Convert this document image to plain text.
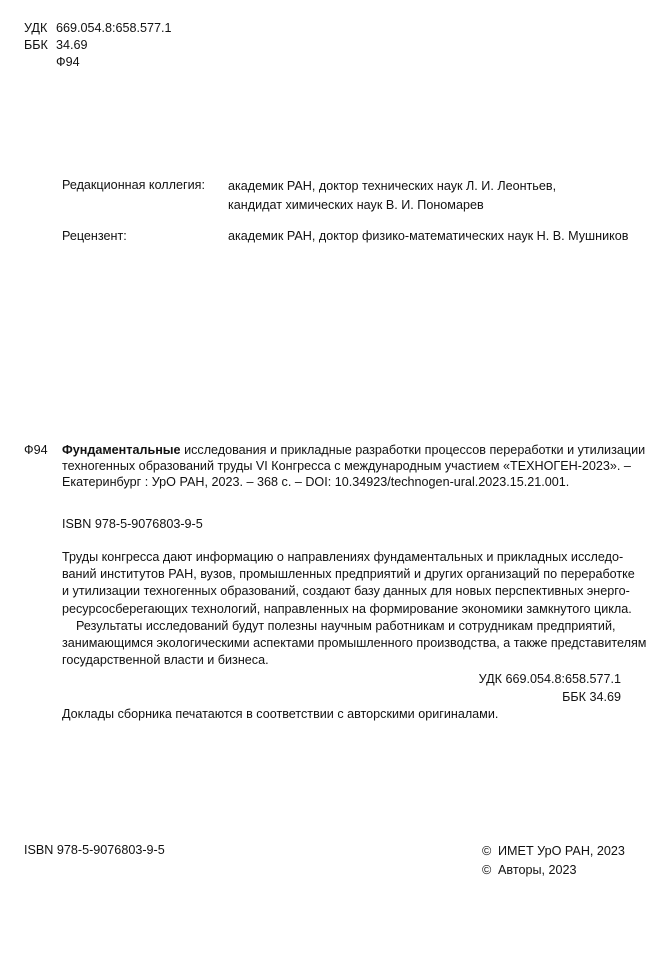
УДК 669.054.8:658.577.1
ББК 34.69
Ф94
Редакционная коллегия: академик РАН, доктор технических наук Л. И. Леонтьев,
кандидат химических наук В. И. Пономарев
Рецензент:	академик РАН, доктор физико-математических наук Н. В. Мушников
Ф94 Фундаментальные исследования и прикладные разработки процессов переработки и утилизации
техногенных образований труды VI Конгресса с международным участием «ТЕХНОГЕН-2023». –
Екатеринбург : УрО РАН, 2023. – 368 с. – DOI: 10.34923/technogen-ural.2023.15.21.001.
ISBN 978-5-9076803-9-5
Труды конгресса дают информацию о направлениях фундаментальных и прикладных исследо-
ваний институтов РАН, вузов, промышленных предприятий и других организаций по переработке
и утилизации техногенных образований, создают базу данных для новых перспективных энерго-
ресурсосберегающих технологий, направленных на формирование экономики замкнутого цикла.
Результаты исследований будут полезны научным работникам и сотрудникам предприятий,
занимающимся экологическими аспектами промышленного производства, а также представителям
государственной власти и бизнеса.
УДК 669.054.8:658.577.1
ББК 34.69
Доклады сборника печатаются в соответствии с авторскими оригиналами.
ISBN 978-5-9076803-9-5	© ИМЕТ УрО РАН, 2023
© Авторы, 2023
